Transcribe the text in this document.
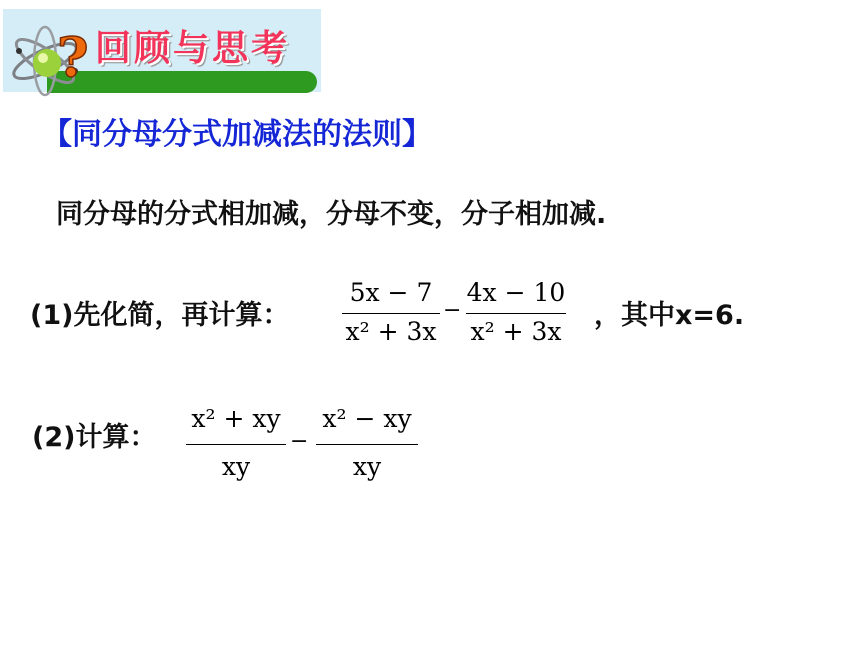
? 回顾与思考
【同分母分式加减法的法则】
同分母的分式相加减，分母不变，分子相加减.
(1)先化简，再计算：
5x − 7
x² + 3x
−
4x − 10
x² + 3x
，其中x=6.
(2)计算：
x² + xy
xy
−
x² − xy
xy
